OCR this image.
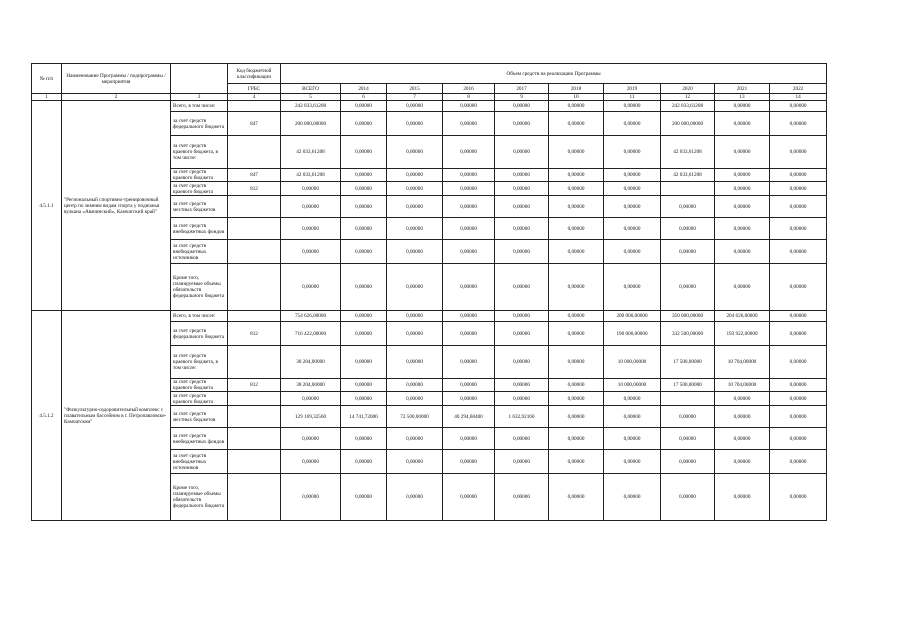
№ п/п	Наименование Программы / подпрограммы / мероприятия		Код бюджетной классификации	Объем средств на реализацию Программы									
			ГРБС	ВСЕГО	2014	2015	2016	2017	2018	2019	2020	2021	2022
1	2	3	4	5	6	7	8	9	10	11	12	13	14
4.5.1.1	"Региональный спортивно-тренировочный центр по зимним видам спорта у подножья вулкана «Авачинский», Камчатский край"	Всего, в том числе:		242 033,61208	0,00000	0,00000	0,00000	0,00000	0,00000	0,00000	242 033,61208	0,00000	0,00000
		за счет средств федерального бюджета	847	200 000,00000	0,00000	0,00000	0,00000	0,00000	0,00000	0,00000	200 000,00000	0,00000	0,00000
		за счет средств краевого бюджета, в том числе:		42 033,61208	0,00000	0,00000	0,00000	0,00000	0,00000	0,00000	42 033,61208	0,00000	0,00000
		за счет средств краевого бюджета	847	42 033,61208	0,00000	0,00000	0,00000	0,00000	0,00000	0,00000	42 033,61208	0,00000	0,00000
		за счет средств краевого бюджета	812	0,00000	0,00000	0,00000	0,00000	0,00000	0,00000	0,00000		0,00000	0,00000
		за счет средств местных бюджетов		0,00000	0,00000	0,00000	0,00000	0,00000	0,00000	0,00000	0,00000	0,00000	0,00000
		за счет средств внебюджетных фондов		0,00000	0,00000	0,00000	0,00000	0,00000	0,00000	0,00000	0,00000	0,00000	0,00000
		за счет средств внебюджетных источников		0,00000	0,00000	0,00000	0,00000	0,00000	0,00000	0,00000	0,00000	0,00000	0,00000
		Кроме того, планируемые объемы обязательств федерального бюджета		0,00000	0,00000	0,00000	0,00000	0,00000	0,00000	0,00000	0,00000	0,00000	0,00000
4.5.1.2	"Физкультурно-оздоровительный комплекс с плавательным бассейном в г. Петропавловске-Камчатском"	Всего, в том числе:		754 626,00000	0,00000	0,00000	0,00000	0,00000	0,00000	200 000,00000	350 000,00000	204 626,00000	0,00000
		за счет средств федерального бюджета	812	716 422,00000	0,00000	0,00000	0,00000	0,00000	0,00000	190 000,00000	332 500,00000	193 922,00000	0,00000
		за счет средств краевого бюджета, в том числе:		38 204,00000	0,00000	0,00000	0,00000	0,00000	0,00000	10 000,00000	17 500,00000	10 704,00000	0,00000
		за счет средств краевого бюджета	812	38 204,00000	0,00000	0,00000	0,00000	0,00000	0,00000	10 000,00000	17 500,00000	10 704,00000	0,00000
		за счет средств краевого бюджета		0,00000	0,00000	0,00000	0,00000	0,00000	0,00000	0,00000		0,00000	0,00000
		за счет средств местных бюджетов		129 169,32560	14 741,72000	72 500,00000	40 294,68400	1 632,92160	0,00000	0,00000	0,00000	0,00000	0,00000
		за счет средств внебюджетных фондов		0,00000	0,00000	0,00000	0,00000	0,00000	0,00000	0,00000	0,00000	0,00000	0,00000
		за счет средств внебюджетных источников		0,00000	0,00000	0,00000	0,00000	0,00000	0,00000	0,00000	0,00000	0,00000	0,00000
		Кроме того, планируемые объемы обязательств федерального бюджета		0,00000	0,00000	0,00000	0,00000	0,00000	0,00000	0,00000	0,00000	0,00000	0,00000
